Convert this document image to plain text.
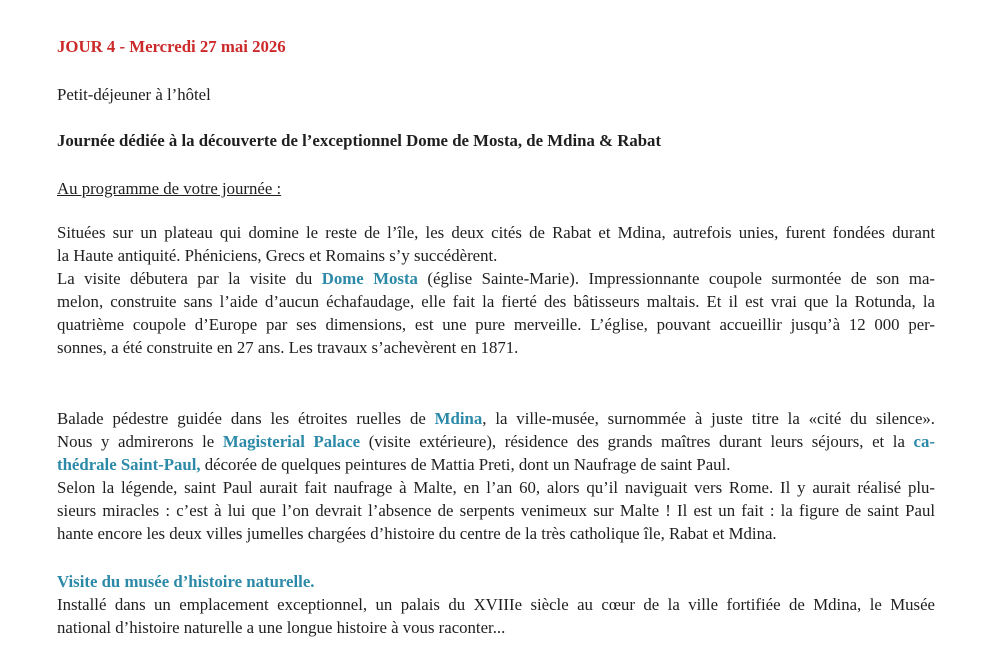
JOUR 4 - Mercredi 27 mai 2026

Petit-déjeuner à l’hôtel

Journée dédiée à la découverte de l’exceptionnel Dome de Mosta, de Mdina & Rabat

Au programme de votre journée :

Situées sur un plateau qui domine le reste de l’île, les deux cités de Rabat et Mdina, autrefois unies, furent fondées durant
la Haute antiquité. Phéniciens, Grecs et Romains s’y succédèrent.
La visite débutera par la visite du Dome Mosta (église Sainte-Marie). Impressionnante coupole surmontée de son ma-
melon, construite sans l’aide d’aucun échafaudage, elle fait la fierté des bâtisseurs maltais. Et il est vrai que la Rotunda, la
quatrième coupole d’Europe par ses dimensions, est une pure merveille. L’église, pouvant accueillir jusqu’à 12 000 per-
sonnes, a été construite en 27 ans. Les travaux s’achevèrent en 1871.
Balade pédestre guidée dans les étroites ruelles de Mdina, la ville-musée, surnommée à juste titre la «cité du silence».
Nous y admirerons le Magisterial Palace (visite extérieure), résidence des grands maîtres durant leurs séjours, et la ca-
thédrale Saint-Paul, décorée de quelques peintures de Mattia Preti, dont un Naufrage de saint Paul.
Selon la légende, saint Paul aurait fait naufrage à Malte, en l’an 60, alors qu’il naviguait vers Rome. Il y aurait réalisé plu-
sieurs miracles : c’est à lui que l’on devrait l’absence de serpents venimeux sur Malte ! Il est un fait : la figure de saint Paul
hante encore les deux villes jumelles chargées d’histoire du centre de la très catholique île, Rabat et Mdina.

Visite du musée d’histoire naturelle.

Installé dans un emplacement exceptionnel, un palais du XVIIIe siècle au cœur de la ville fortifiée de Mdina, le Musée
national d’histoire naturelle a une longue histoire à vous raconter...
